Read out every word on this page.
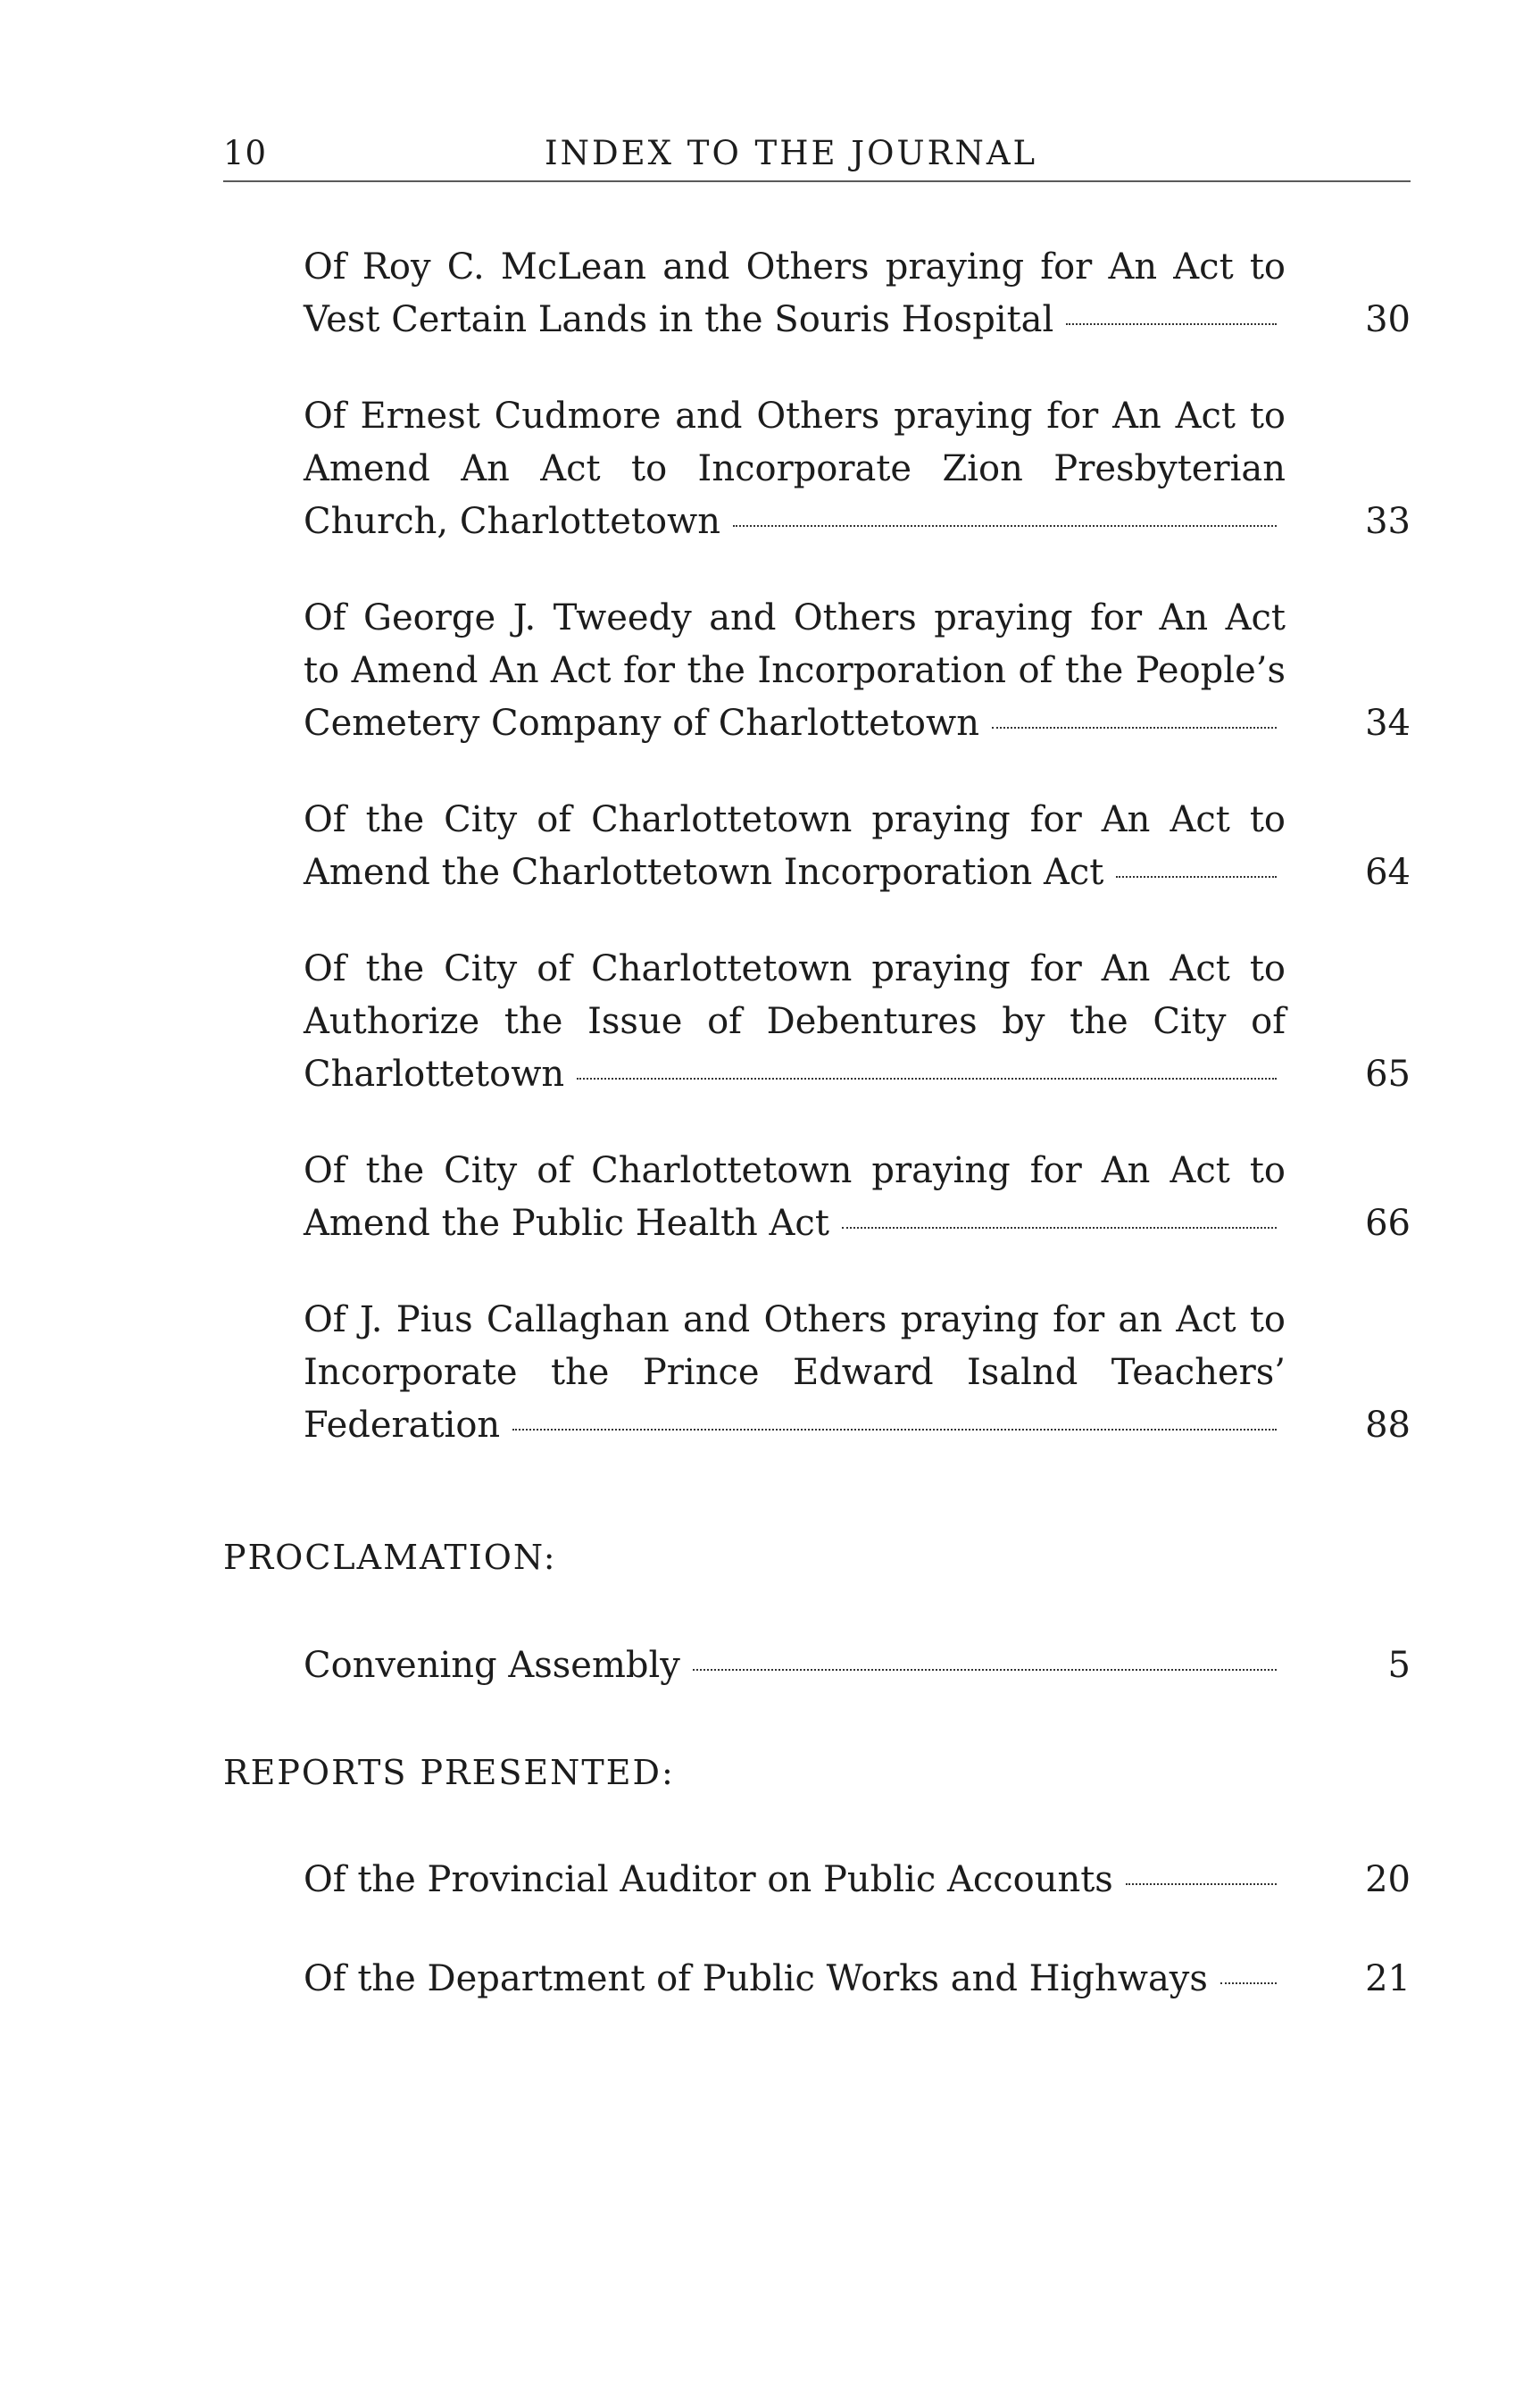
10	INDEX TO THE JOURNAL
Of Roy C. McLean and Others praying for An Act to
Vest Certain Lands in the Souris Hospital	30
Of Ernest Cudmore and Others praying for An Act to
Amend An Act to Incorporate Zion Presbyterian
Church, Charlottetown	33
Of George J. Tweedy and Others praying for An Act
to Amend An Act for the Incorporation of the People’s
Cemetery Company of Charlottetown	34
Of the City of Charlottetown praying for An Act to
Amend the Charlottetown Incorporation Act	64
Of the City of Charlottetown praying for An Act to
Authorize the Issue of Debentures by the City of
Charlottetown	65
Of the City of Charlottetown praying for An Act to
Amend the Public Health Act	66
Of J. Pius Callaghan and Others praying for an Act to
Incorporate the Prince Edward Isalnd Teachers’
Federation	88
PROCLAMATION:
Convening Assembly	5
REPORTS PRESENTED:
Of the Provincial Auditor on Public Accounts	20
Of the Department of Public Works and Highways	21
